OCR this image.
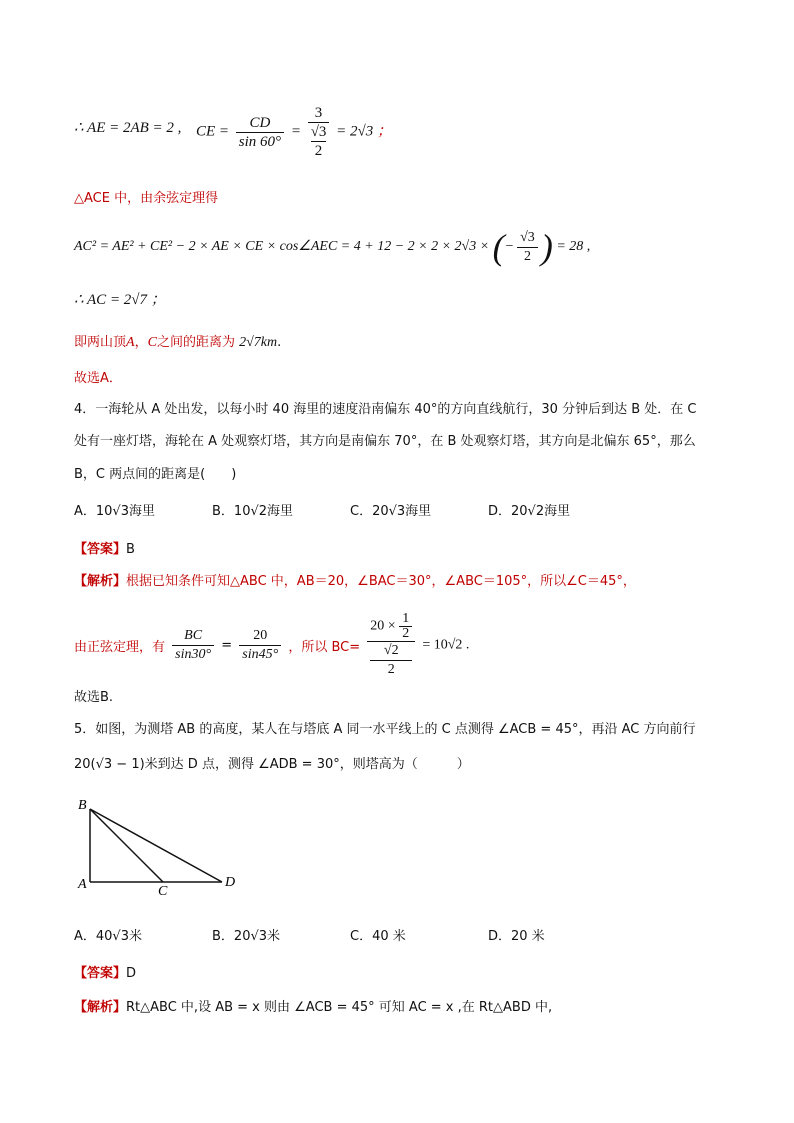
∴ AE = 2AB = 2 , CE = $\frac{CD}{\sin 60^\circ} = 3$
√3
2 = 2√3 ；
△ACE 中，由余弦定理得
AC² = AE² + CE² − 2 × AE × CE × cos∠AEC = 4 + 12 − 2 × 2 × 2√3 × (− $\frac{√3}{2}$ ) = 28 ,
∴ AC = 2√7 ；
即两山顶A，C之间的距离为 2√7km.
故选A．
4．一海轮从 A 处出发，以每小时 40 海里的速度沿南偏东 40°的方向直线航行，30 分钟后到达 B 处．在 C
处有一座灯塔，海轮在 A 处观察灯塔，其方向是南偏东 70°，在 B 处观察灯塔，其方向是北偏东 65°，那么
B，C 两点间的距离是(　　)
A．10√3海里	B．10√2海里	C．20√3海里	D．20√2海里
【答案】B
【解析】根据已知条件可知△ABC 中，AB＝20，∠BAC＝30°，∠ABC＝105°，所以∠C＝45°，
由正弦定理，有 $\frac{BC}{\sin 30^\circ} = \frac{20}{\sin 45^\circ}$ ，所以 $BC= 20 \times \frac{1}{2}$
√2
2 = 10√2 .
故选B.
5．如图，为测塔 AB 的高度，某人在与塔底 A 同一水平线上的 C 点测得 ∠ACB = 45°，再沿 AC 方向前行
20(√3 − 1)米到达 D 点，测得 ∠ADB = 30°，则塔高为（　　　）
B
A	C
D
A．40√3米	B．20√3米	C．40 米	D．20 米
【答案】D
【解析】Rt△ABC 中,设 AB = x 则由 ∠ACB = 45° 可知 AC = x ,在 Rt△ABD 中,
